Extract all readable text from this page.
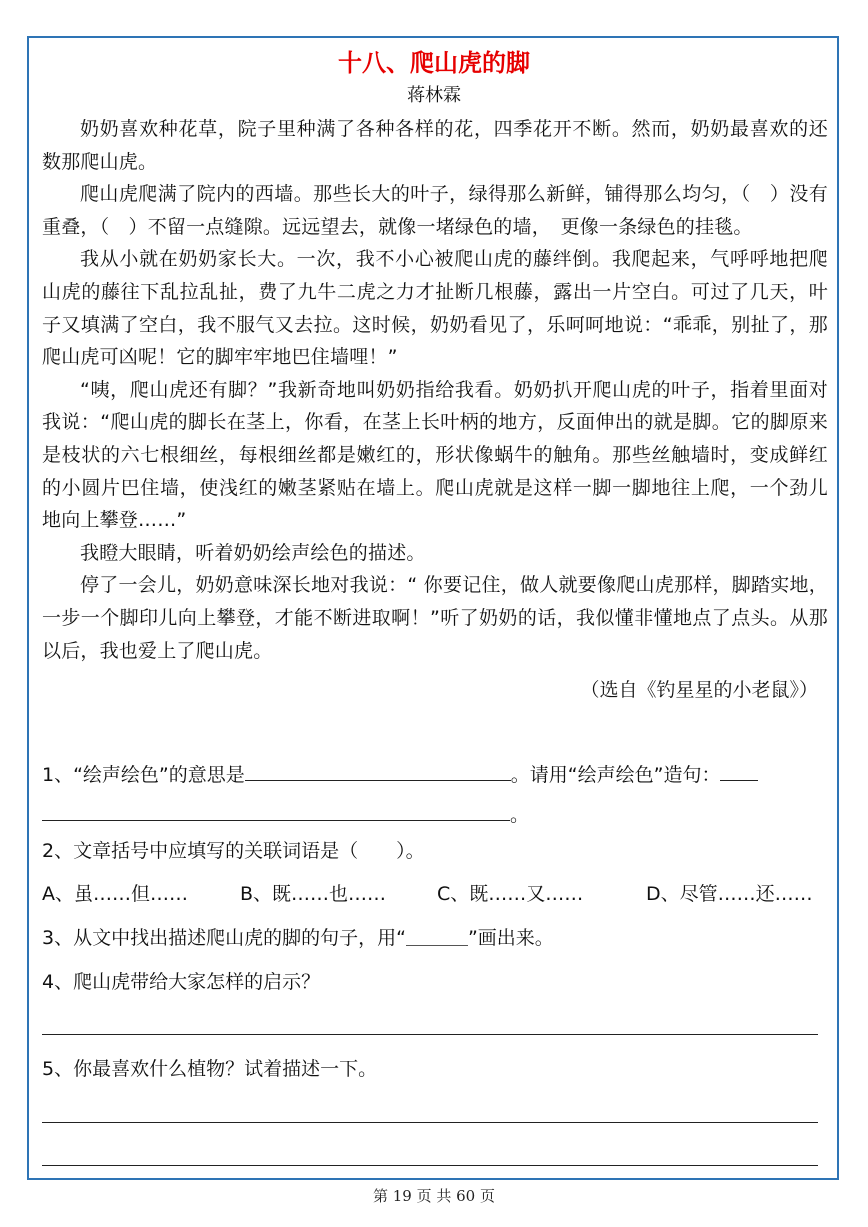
十八、爬山虎的脚
蒋林霖

奶奶喜欢种花草，院子里种满了各种各样的花，四季花开不断。然而，奶奶最喜欢的还数那爬山虎。

爬山虎爬满了院内的西墙。那些长大的叶子，绿得那么新鲜，铺得那么均匀，（　）没有重叠，（　）不留一点缝隙。远远望去，就像一堵绿色的墙，　更像一条绿色的挂毯。

我从小就在奶奶家长大。一次，我不小心被爬山虎的藤绊倒。我爬起来，气呼呼地把爬山虎的藤往下乱拉乱扯，费了九牛二虎之力才扯断几根藤，露出一片空白。可过了几天，叶子又填满了空白，我不服气又去拉。这时候，奶奶看见了，乐呵呵地说：“乖乖，别扯了，那爬山虎可凶呢！它的脚牢牢地巴住墙哩！”

“咦，爬山虎还有脚？”我新奇地叫奶奶指给我看。奶奶扒开爬山虎的叶子，指着里面对我说：“爬山虎的脚长在茎上，你看，在茎上长叶柄的地方，反面伸出的就是脚。它的脚原来是枝状的六七根细丝，每根细丝都是嫩红的，形状像蜗牛的触角。那些丝触墙时，变成鲜红的小圆片巴住墙，使浅红的嫩茎紧贴在墙上。爬山虎就是这样一脚一脚地往上爬，一个劲儿地向上攀登……”

我瞪大眼睛，听着奶奶绘声绘色的描述。

停了一会儿，奶奶意味深长地对我说：“ 你要记住，做人就要像爬山虎那样，脚踏实地，一步一个脚印儿向上攀登，才能不断进取啊！”听了奶奶的话，我似懂非懂地点了点头。从那以后，我也爱上了爬山虎。

（选自《钓星星的小老鼠》）
1、“绘声绘色”的意思是	。请用“绘声绘色”造句：
。
2、文章括号中应填写的关联词语是（　　）。
A、虽……但……	B、既……也……	C、既……又……	D、尽管……还……
3、从文中找出描述爬山虎的脚的句子，用“	”画出来。
4、爬山虎带给大家怎样的启示？
5、你最喜欢什么植物？试着描述一下。
第 19 页 共 60 页
